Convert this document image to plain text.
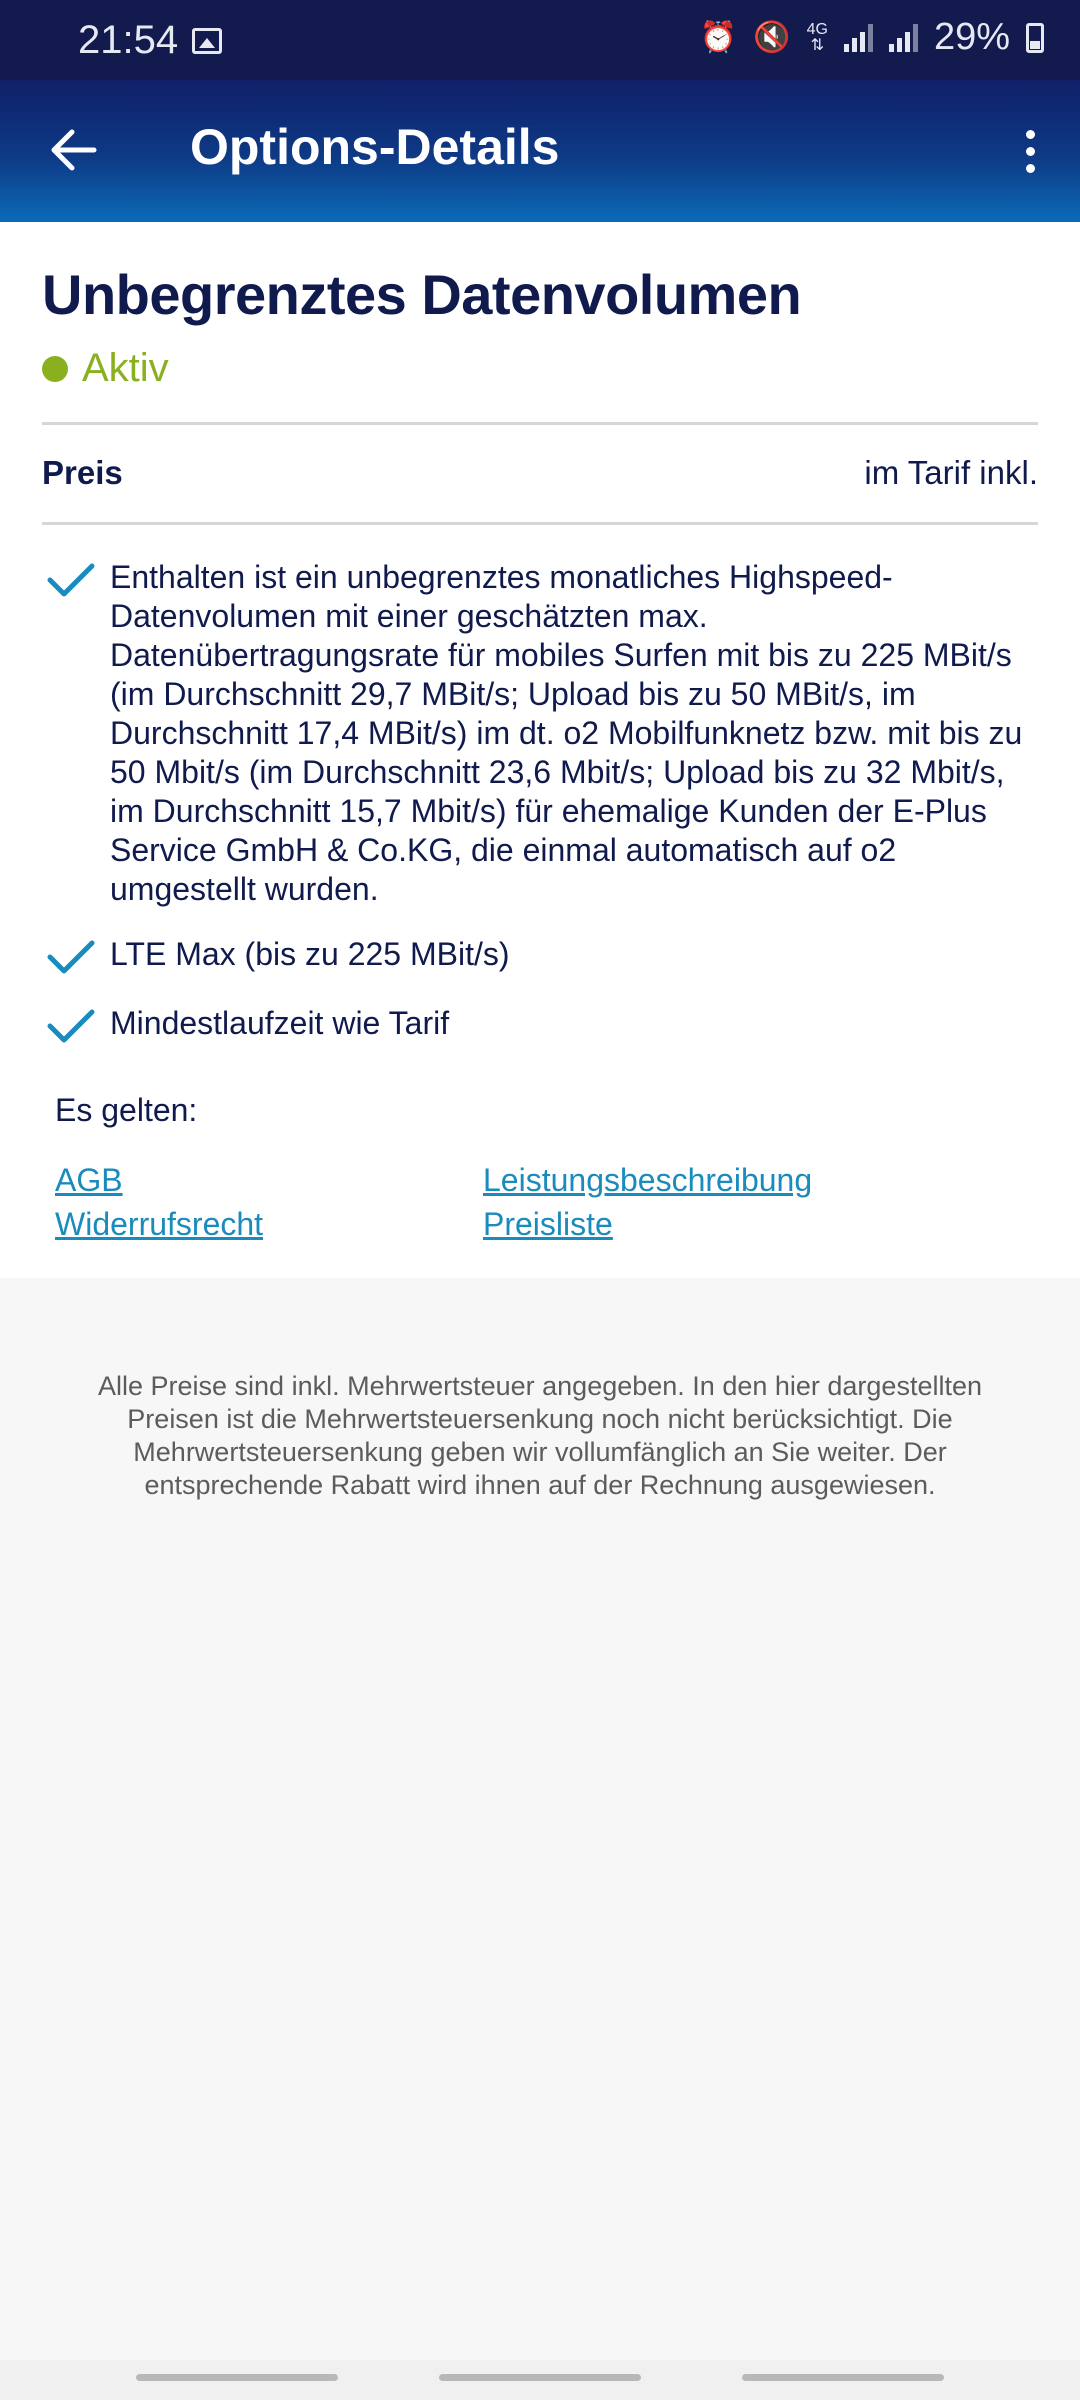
21:54	⏰ 🔇 4G
⇅	29%
Options-Details
Unbegrenztes Datenvolumen
Aktiv
Preis	im Tarif inkl.
Enthalten ist ein unbegrenztes monatliches Highspeed-Datenvolumen mit einer geschätzten max. Datenübertragungsrate für mobiles Surfen mit bis zu 225 MBit/s (im Durchschnitt 29,7 MBit/s; Upload bis zu 50 MBit/s, im Durchschnitt 17,4 MBit/s) im dt. o2 Mobilfunknetz bzw. mit bis zu 50 Mbit/s (im Durchschnitt 23,6 Mbit/s; Upload bis zu 32 Mbit/s, im Durchschnitt 15,7 Mbit/s) für ehemalige Kunden der E-Plus Service GmbH & Co.KG, die einmal automatisch auf o2 umgestellt wurden.
LTE Max (bis zu 225 MBit/s)
Mindestlaufzeit wie Tarif
Es gelten:
AGB	Leistungsbeschreibung
Widerrufsrecht	Preisliste
Alle Preise sind inkl. Mehrwertsteuer angegeben. In den hier dargestellten Preisen ist die Mehrwertsteuersenkung noch nicht berücksichtigt. Die Mehrwertsteuersenkung geben wir vollumfänglich an Sie weiter. Der entsprechende Rabatt wird ihnen auf der Rechnung ausgewiesen.
